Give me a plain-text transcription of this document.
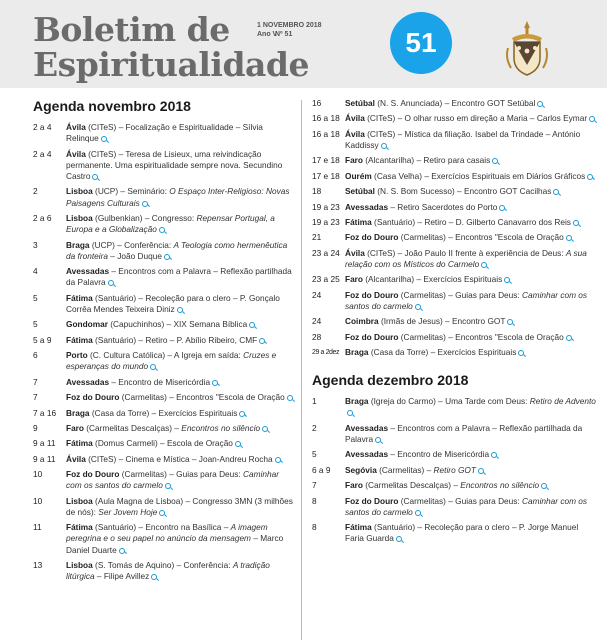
Boletim de
Espiritualidade
1 NOVEMBRO 2018
Ano V
Nº 51	51
Agenda novembro 2018
2 a 4	Ávila (CITeS) – Focalização e Espiritualidade – Sílvia Relinque
2 a 4	Ávila (CITeS) – Teresa de Lisieux, uma reivindicação permanente. Uma espiritualidade sempre nova. Secundino Castro
2	Lisboa (UCP) – Seminário: O Espaço Inter-Religioso: Novas Paisagens Culturais
2 a 6	Lisboa (Gulbenkian) – Congresso: Repensar Portugal, a Europa e a Globalização
3	Braga (UCP) – Conferência: A Teologia como hermenêutica da fronteira – João Duque
4	Avessadas – Encontros com a Palavra – Reflexão partilhada da Palavra
5	Fátima (Santuário) – Recoleção para o clero – P. Gonçalo Corrêa Mendes Teixeira Diniz
5	Gondomar (Capuchinhos) – XIX Semana Bíblica
5 a 9	Fátima (Santuário) – Retiro – P. Abílio Ribeiro, CMF
6	Porto (C. Cultura Católica) – A Igreja em saída: Cruzes e esperanças do mundo
7	Avessadas – Encontro de Misericórdia
7	Foz do Douro (Carmelitas) – Encontros "Escola de Oração
7 a 16	Braga (Casa da Torre) – Exercícios Espirituais
9	Faro (Carmelitas Descalças) – Encontros no silêncio
9 a 11	Fátima (Domus Carmeli) – Escola de Oração
9 a 11	Ávila (CITeS) – Cinema e Mística – Joan-Andreu Rocha
10	Foz do Douro (Carmelitas) – Guias para Deus: Caminhar com os santos do carmelo
10	Lisboa (Aula Magna de Lisboa) – Congresso 3MN (3 milhões de nós): Ser Jovem Hoje
11	Fátima (Santuário) – Encontro na Basílica – A imagem peregrina e o seu papel no anúncio da mensagem – Marco Daniel Duarte
13	Lisboa (S. Tomás de Aquino) – Conferência: A tradição litúrgica – Filipe Avillez
16	Setúbal (N. S. Anunciada) – Encontro GOT Setúbal
16 a 18 Ávila (CITeS) – O olhar russo em direção a Maria – Carlos Eymar
16 a 18 Ávila (CITeS) – Mística da filiação. Isabel da Trindade – António Kaddissy
17 e 18 Faro (Alcantarilha) – Retiro para casais
17 e 18 Ourém (Casa Velha) – Exercícios Espirituais em Diários Gráficos
18	Setúbal (N. S. Bom Sucesso) – Encontro GOT Cacilhas
19 a 23 Avessadas – Retiro Sacerdotes do Porto
19 a 23 Fátima (Santuário) – Retiro – D. Gilberto Canavarro dos Reis
21	Foz do Douro (Carmelitas) – Encontros "Escola de Oração
23 a 24 Ávila (CITeS) – João Paulo II frente à experiência de Deus: A sua relação com os Místicos do Carmelo
23 a 25 Faro (Alcantarilha) – Exercícios Espirituais
24	Foz do Douro (Carmelitas) – Guias para Deus: Caminhar com os santos do carmelo
24	Coimbra (Irmãs de Jesus) – Encontro GOT
28	Foz do Douro (Carmelitas) – Encontros "Escola de Oração
29 a 2dez Braga (Casa da Torre) – Exercícios Espirituais
Agenda dezembro 2018
1	Braga (Igreja do Carmo) – Uma Tarde com Deus: Retiro de Advento
2	Avessadas – Encontros com a Palavra – Reflexão partilhada da Palavra
5	Avessadas – Encontro de Misericórdia
6 a 9	Segóvia (Carmelitas) – Retiro GOT
7	Faro (Carmelitas Descalças) – Encontros no silêncio
8	Foz do Douro (Carmelitas) – Guias para Deus: Caminhar com os santos do carmelo
8	Fátima (Santuário) – Recoleção para o clero – P. Jorge Manuel Faria Guarda
